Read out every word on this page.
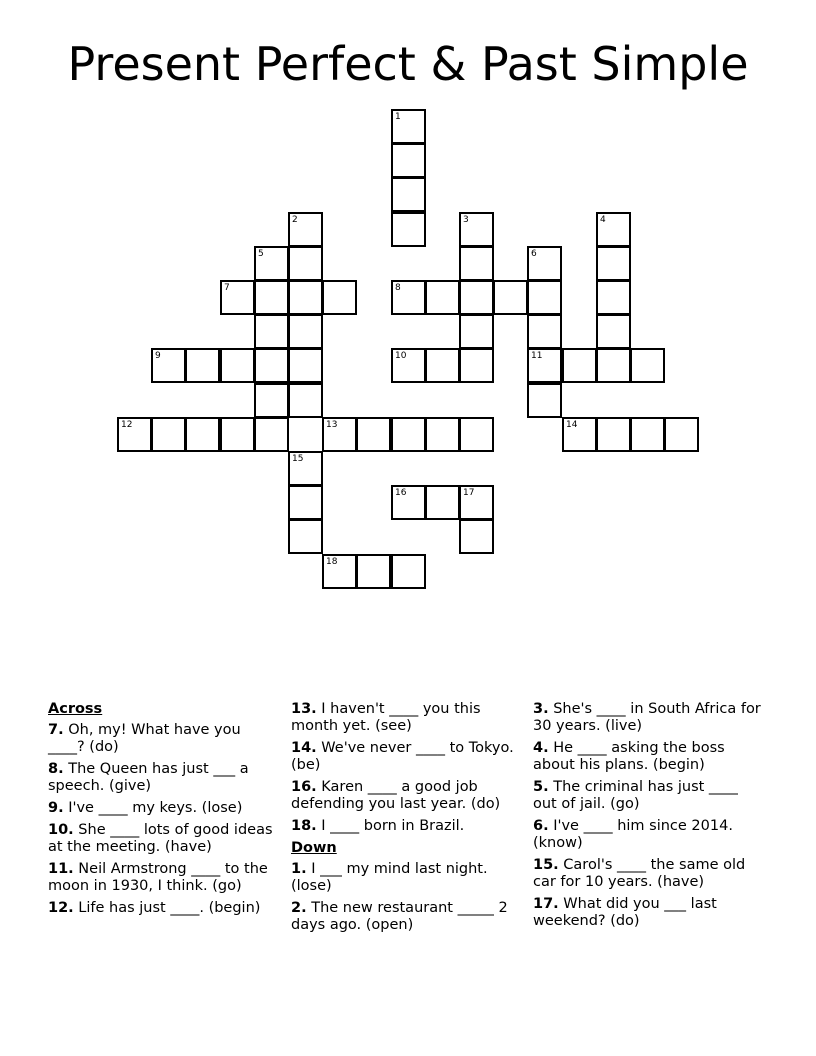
Present Perfect & Past Simple
1
2	3	4
5	6
7	8
9	10	11
12	13	14
15
16	17
18
Across
7. Oh, my! What have you ____? (do)
8. The Queen has just ___ a speech. (give)
9. I've ____ my keys. (lose)
10. She ____ lots of good ideas at the meeting. (have)
11. Neil Armstrong ____ to the moon in 1930, I think. (go)
12. Life has just ____. (begin)
13. I haven't ____ you this month yet. (see)
14. We've never ____ to Tokyo. (be)
16. Karen ____ a good job defending you last year. (do)
18. I ____ born in Brazil.
Down
1. I ___ my mind last night. (lose)
2. The new restaurant _____ 2 days ago. (open)
3. She's ____ in South Africa for 30 years. (live)
4. He ____ asking the boss about his plans. (begin)
5. The criminal has just ____ out of jail. (go)
6. I've ____ him since 2014. (know)
15. Carol's ____ the same old car for 10 years. (have)
17. What did you ___ last weekend? (do)
